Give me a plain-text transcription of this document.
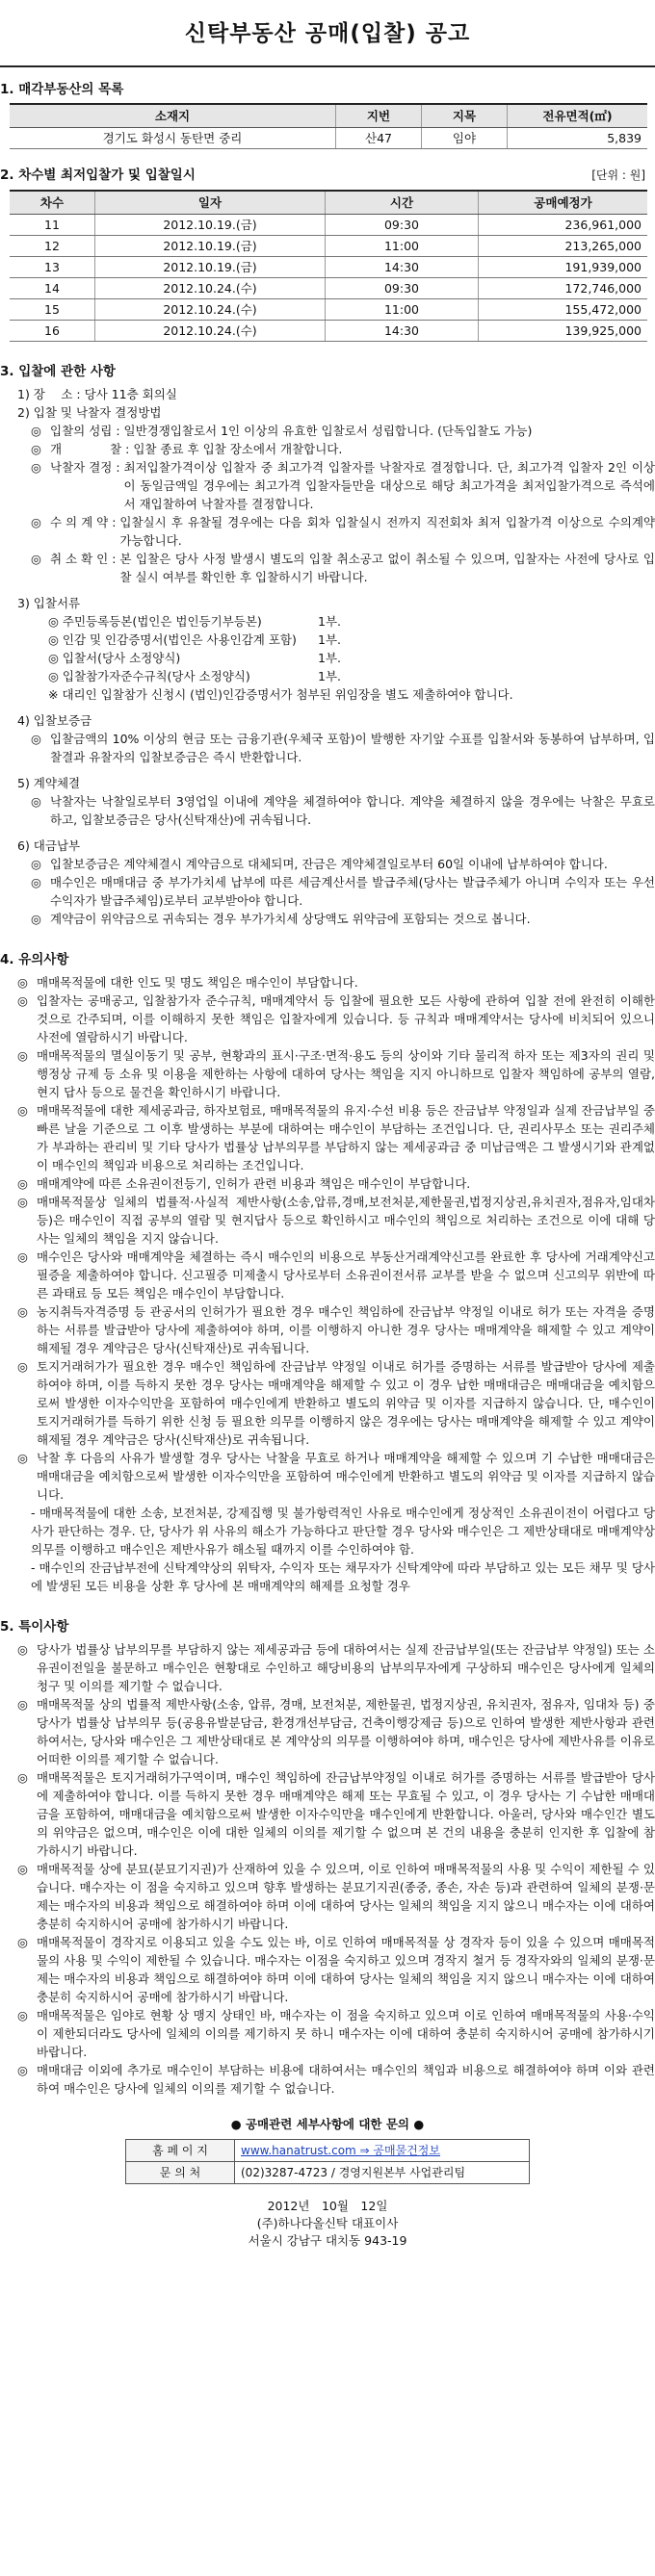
신탁부동산 공매(입찰) 공고
1. 매각부동산의 목록
소재지	지번	지목	전유면적(㎡)
경기도 화성시 동탄면 중리	산47	임야	5,839
2. 차수별 최저입찰가 및 입찰일시	[단위 : 원]
차수	일자	시간	공매예정가
11	2012.10.19.(금)	09:30	236,961,000
12	2012.10.19.(금)	11:00	213,265,000
13	2012.10.19.(금)	14:30	191,939,000
14	2012.10.24.(수)	09:30	172,746,000
15	2012.10.24.(수)	11:00	155,472,000
16	2012.10.24.(수)	14:30	139,925,000
3. 입찰에 관한 사항
1) 장　 소 : 당사 11층 회의실
2) 입찰 및 낙찰자 결정방법
◎ 입찰의 성립 : 일반경쟁입찰로서 1인 이상의 유효한 입찰로서 성립합니다. (단독입찰도 가능)
◎ 개　　　　찰 : 입찰 종료 후 입찰 장소에서 개찰합니다.
◎ 낙찰자 결정 : 최저입찰가격이상 입찰자 중 최고가격 입찰자를 낙찰자로 결정합니다. 단, 최고가격 입찰자 2인 이상이 동일금액일 경우에는 최고가격 입찰자들만을 대상으로 해당 최고가격을 최저입찰가격으로 즉석에서 재입찰하여 낙찰자를 결정합니다.
◎ 수 의 계 약 : 입찰실시 후 유찰될 경우에는 다음 회차 입찰실시 전까지 직전회차 최저 입찰가격 이상으로 수의계약 가능합니다.
◎ 취 소 확 인 : 본 입찰은 당사 사정 발생시 별도의 입찰 취소공고 없이 취소될 수 있으며, 입찰자는 사전에 당사로 입찰 실시 여부를 확인한 후 입찰하시기 바랍니다.
3) 입찰서류
◎ 주민등록등본(법인은 법인등기부등본)	1부.
◎ 인감 및 인감증명서(법인은 사용인감계 포함)	1부.
◎ 입찰서(당사 소정양식)	1부.
◎ 입찰참가자준수규칙(당사 소정양식)	1부.
※ 대리인 입찰참가 신청시 (법인)인감증명서가 첨부된 위임장을 별도 제출하여야 합니다.
4) 입찰보증금
◎ 입찰금액의 10% 이상의 현금 또는 금융기관(우체국 포함)이 발행한 자기앞 수표를 입찰서와 동봉하여 납부하며, 입찰결과 유찰자의 입찰보증금은 즉시 반환합니다.
5) 계약체결
◎ 낙찰자는 낙찰일로부터 3영업일 이내에 계약을 체결하여야 합니다. 계약을 체결하지 않을 경우에는 낙찰은 무효로 하고, 입찰보증금은 당사(신탁재산)에 귀속됩니다.
6) 대금납부
◎ 입찰보증금은 계약체결시 계약금으로 대체되며, 잔금은 계약체결일로부터 60일 이내에 납부하여야 합니다.
◎ 매수인은 매매대금 중 부가가치세 납부에 따른 세금계산서를 발급주체(당사는 발급주체가 아니며 수익자 또는 우선수익자가 발급주체임)로부터 교부받아야 합니다.
◎ 계약금이 위약금으로 귀속되는 경우 부가가치세 상당액도 위약금에 포함되는 것으로 봅니다.
4. 유의사항
◎ 매매목적물에 대한 인도 및 명도 책임은 매수인이 부담합니다.
◎ 입찰자는 공매공고, 입찰참가자 준수규칙, 매매계약서 등 입찰에 필요한 모든 사항에 관하여 입찰 전에 완전히 이해한 것으로 간주되며, 이를 이해하지 못한 책임은 입찰자에게 있습니다. 등 규칙과 매매계약서는 당사에 비치되어 있으니 사전에 열람하시기 바랍니다.
◎ 매매목적물의 멸실이동기 및 공부, 현황과의 표시·구조·면적·용도 등의 상이와 기타 물리적 하자 또는 제3자의 권리 및 행정상 규제 등 소유 및 이용을 제한하는 사항에 대하여 당사는 책임을 지지 아니하므로 입찰자 책임하에 공부의 열람, 현지 답사 등으로 물건을 확인하시기 바랍니다.
◎ 매매목적물에 대한 제세공과금, 하자보험료, 매매목적물의 유지·수선 비용 등은 잔금납부 약정일과 실제 잔금납부일 중 빠른 날을 기준으로 그 이후 발생하는 부분에 대하여는 매수인이 부담하는 조건입니다. 단, 권리사무소 또는 권리주체가 부과하는 관리비 및 기타 당사가 법률상 납부의무를 부담하지 않는 제세공과금 중 미납금액은 그 발생시기와 관계없이 매수인의 책임과 비용으로 처리하는 조건입니다.
◎ 매매계약에 따른 소유권이전등기, 인허가 관련 비용과 책임은 매수인이 부담합니다.
◎ 매매목적물상 일체의 법률적·사실적 제반사항(소송,압류,경매,보전처분,제한물권,법정지상권,유치권자,점유자,임대차 등)은 매수인이 직접 공부의 열람 및 현지답사 등으로 확인하시고 매수인의 책임으로 처리하는 조건으로 이에 대해 당사는 일체의 책임을 지지 않습니다.
◎ 매수인은 당사와 매매계약을 체결하는 즉시 매수인의 비용으로 부동산거래계약신고를 완료한 후 당사에 거래계약신고필증을 제출하여야 합니다. 신고필증 미제출시 당사로부터 소유권이전서류 교부를 받을 수 없으며 신고의무 위반에 따른 과태료 등 모든 책임은 매수인이 부담합니다.
◎ 농지취득자격증명 등 관공서의 인허가가 필요한 경우 매수인 책임하에 잔금납부 약정일 이내로 허가 또는 자격을 증명하는 서류를 발급받아 당사에 제출하여야 하며, 이를 이행하지 아니한 경우 당사는 매매계약을 해제할 수 있고 계약이 해제될 경우 계약금은 당사(신탁재산)로 귀속됩니다.
◎ 토지거래허가가 필요한 경우 매수인 책임하에 잔금납부 약정일 이내로 허가를 증명하는 서류를 발급받아 당사에 제출하여야 하며, 이를 득하지 못한 경우 당사는 매매계약을 해제할 수 있고 이 경우 납한 매매대금은 매매대금을 예치함으로써 발생한 이자수익만을 포함하여 매수인에게 반환하고 별도의 위약금 및 이자를 지급하지 않습니다. 단, 매수인이 토지거래허가를 득하기 위한 신청 등 필요한 의무를 이행하지 않은 경우에는 당사는 매매계약을 해제할 수 있고 계약이 해제될 경우 계약금은 당사(신탁재산)로 귀속됩니다.
◎ 낙찰 후 다음의 사유가 발생할 경우 당사는 낙찰을 무효로 하거나 매매계약을 해제할 수 있으며 기 수납한 매매대금은 매매대금을 예치함으로써 발생한 이자수익만을 포함하여 매수인에게 반환하고 별도의 위약금 및 이자를 지급하지 않습니다.
- 매매목적물에 대한 소송, 보전처분, 강제집행 및 불가항력적인 사유로 매수인에게 정상적인 소유권이전이 어렵다고 당사가 판단하는 경우. 단, 당사가 위 사유의 해소가 가능하다고 판단할 경우 당사와 매수인은 그 제반상태대로 매매계약상 의무를 이행하고 매수인은 제반사유가 해소될 때까지 이를 수인하여야 함.
- 매수인의 잔금납부전에 신탁계약상의 위탁자, 수익자 또는 채무자가 신탁계약에 따라 부담하고 있는 모든 채무 및 당사에 발생된 모든 비용을 상환 후 당사에 본 매매계약의 해제를 요청할 경우
5. 특이사항
◎ 당사가 법률상 납부의무를 부담하지 않는 제세공과금 등에 대하여서는 실제 잔금납부일(또는 잔금납부 약정일) 또는 소유권이전일을 불문하고 매수인은 현황대로 수인하고 해당비용의 납부의무자에게 구상하되 매수인은 당사에게 일체의 청구 및 이의를 제기할 수 없습니다.
◎ 매매목적물 상의 법률적 제반사항(소송, 압류, 경매, 보전처분, 제한물권, 법정지상권, 유치권자, 점유자, 임대차 등) 중 당사가 법률상 납부의무 등(공용유발분담금, 환경개선부담금, 건축이행강제금 등)으로 인하여 발생한 제반사항과 관련하여서는, 당사와 매수인은 그 제반상태대로 본 계약상의 의무를 이행하여야 하며, 매수인은 당사에 제반사유를 이유로 어떠한 이의를 제기할 수 없습니다.
◎ 매매목적물은 토지거래허가구역이며, 매수인 책임하에 잔금납부약정일 이내로 허가를 증명하는 서류를 발급받아 당사에 제출하여야 합니다. 이를 득하지 못한 경우 매매계약은 해제 또는 무효될 수 있고, 이 경우 당사는 기 수납한 매매대금을 포함하여, 매매대금을 예치함으로써 발생한 이자수익만을 매수인에게 반환합니다. 아울러, 당사와 매수인간 별도의 위약금은 없으며, 매수인은 이에 대한 일체의 이의를 제기할 수 없으며 본 건의 내용을 충분히 인지한 후 입찰에 참가하시기 바랍니다.
◎ 매매목적물 상에 분묘(분묘기지권)가 산재하여 있을 수 있으며, 이로 인하여 매매목적물의 사용 및 수익이 제한될 수 있습니다. 매수자는 이 점을 숙지하고 있으며 향후 발생하는 분묘기지권(종중, 종손, 자손 등)과 관련하여 일체의 분쟁·문제는 매수자의 비용과 책임으로 해결하여야 하며 이에 대하여 당사는 일체의 책임을 지지 않으니 매수자는 이에 대하여 충분히 숙지하시어 공매에 참가하시기 바랍니다.
◎ 매매목적물이 경작지로 이용되고 있을 수도 있는 바, 이로 인하여 매매목적물 상 경작자 등이 있을 수 있으며 매매목적물의 사용 및 수익이 제한될 수 있습니다. 매수자는 이점을 숙지하고 있으며 경작지 철거 등 경작자와의 일체의 분쟁·문제는 매수자의 비용과 책임으로 해결하여야 하며 이에 대하여 당사는 일체의 책임을 지지 않으니 매수자는 이에 대하여 충분히 숙지하시어 공매에 참가하시기 바랍니다.
◎ 매매목적물은 임야로 현황 상 맹지 상태인 바, 매수자는 이 점을 숙지하고 있으며 이로 인하여 매매목적물의 사용·수익이 제한되더라도 당사에 일체의 이의를 제기하지 못 하니 매수자는 이에 대하여 충분히 숙지하시어 공매에 참가하시기 바랍니다.
◎ 매매대금 이외에 추가로 매수인이 부담하는 비용에 대하여서는 매수인의 책임과 비용으로 해결하여야 하며 이와 관련하여 매수인은 당사에 일체의 이의를 제기할 수 없습니다.
● 공매관련 세부사항에 대한 문의 ●
홈 페 이 지	www.hanatrust.com ⇒ 공매물건정보
문 의 처	(02)3287-4723 / 경영지원본부 사업관리팀
2012년　10월　12일
(주)하나다올신탁 대표이사
서울시 강남구 대치동 943-19
